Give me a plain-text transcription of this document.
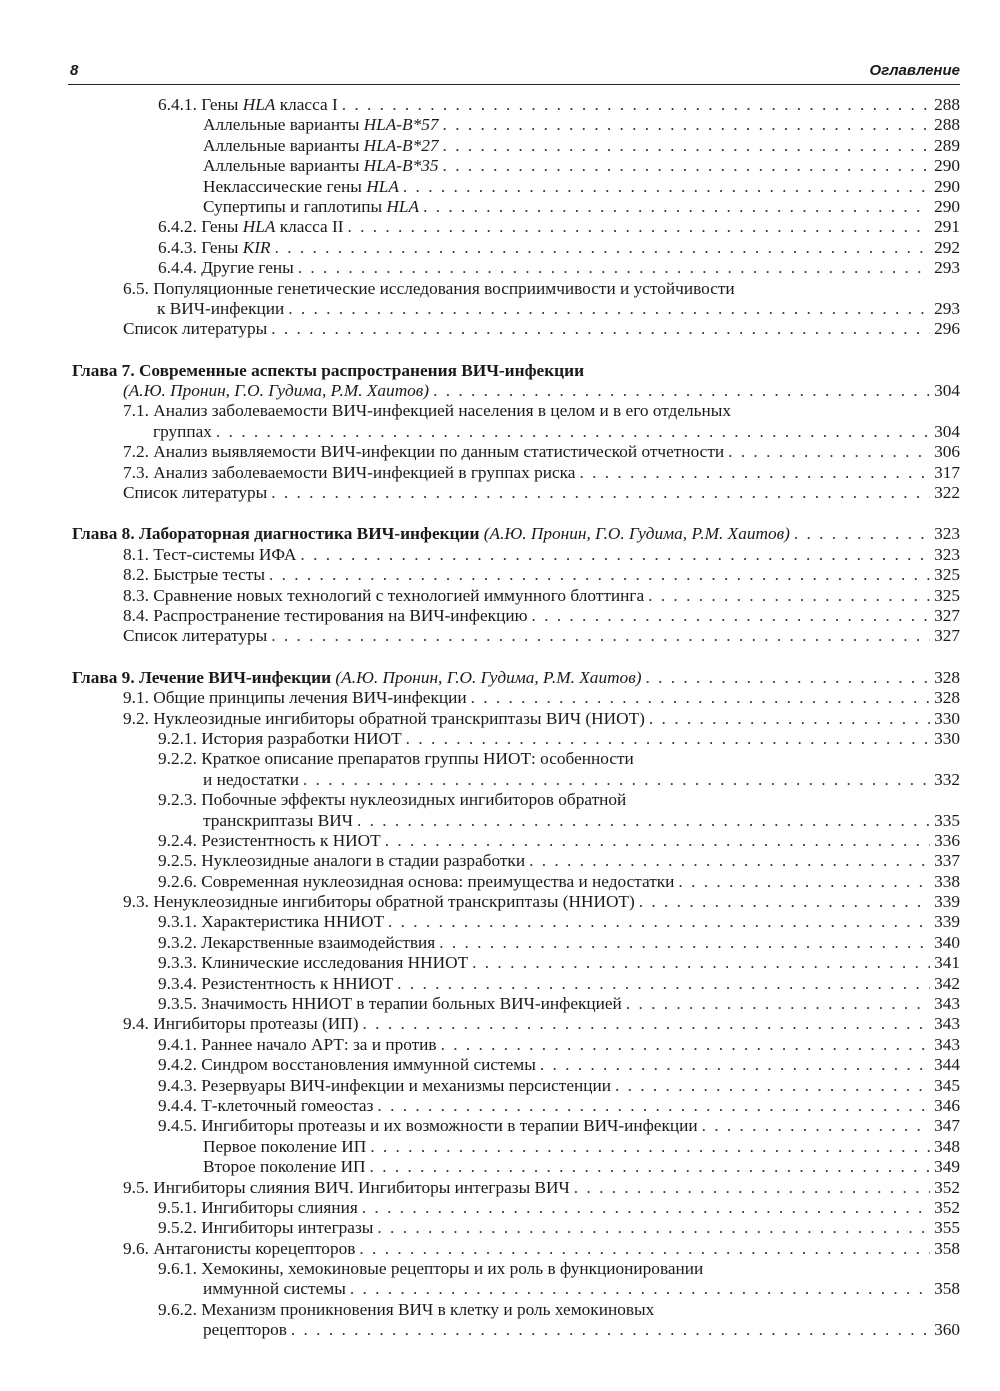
8	Оглавление
6.4.1. Гены HLA класса I . . .	288
Аллельные варианты HLA-B*57 . . .	288
Аллельные варианты HLA-B*27 . . .	289
Аллельные варианты HLA-B*35 . . .	290
Неклассические гены HLA . . .	290
Супертипы и гаплотипы HLA . . .	290
6.4.2. Гены HLA класса II . . .	291
6.4.3. Гены KIR . . .	292
6.4.4. Другие гены . . .	293
6.5. Популяционные генетические исследования восприимчивости и устойчивости
к ВИЧ-инфекции . . .	293
Список литературы . . .	296
Глава 7. Современные аспекты распространения ВИЧ-инфекции
(А.Ю. Пронин, Г.О. Гудима, Р.М. Хаитов) . . .	304
7.1. Анализ заболеваемости ВИЧ-инфекцией населения в целом и в его отдельных
группах . . .	304
7.2. Анализ выявляемости ВИЧ-инфекции по данным статистической отчетности . . .	306
7.3. Анализ заболеваемости ВИЧ-инфекцией в группах риска . . .	317
Список литературы . . .	322
Глава 8. Лабораторная диагностика ВИЧ-инфекции (А.Ю. Пронин, Г.О. Гудима, Р.М. Хаитов) . . .	323
8.1. Тест-системы ИФА . . .	323
8.2. Быстрые тесты . . .	325
8.3. Сравнение новых технологий с технологией иммунного блоттинга . . .	325
8.4. Распространение тестирования на ВИЧ-инфекцию . . .	327
Список литературы . . .	327
Глава 9. Лечение ВИЧ-инфекции (А.Ю. Пронин, Г.О. Гудима, Р.М. Хаитов) . . .	328
9.1. Общие принципы лечения ВИЧ-инфекции . . .	328
9.2. Нуклеозидные ингибиторы обратной транскриптазы ВИЧ (НИОТ) . . .	330
9.2.1. История разработки НИОТ . . .	330
9.2.2. Краткое описание препаратов группы НИОТ: особенности
и недостатки . . .	332
9.2.3. Побочные эффекты нуклеозидных ингибиторов обратной
транскриптазы ВИЧ . . .	335
9.2.4. Резистентность к НИОТ . . .	336
9.2.5. Нуклеозидные аналоги в стадии разработки . . .	337
9.2.6. Современная нуклеозидная основа: преимущества и недостатки . . .	338
9.3. Ненуклеозидные ингибиторы обратной транскриптазы (ННИОТ) . . .	339
9.3.1. Характеристика ННИОТ . . .	339
9.3.2. Лекарственные взаимодействия . . .	340
9.3.3. Клинические исследования ННИОТ . . .	341
9.3.4. Резистентность к ННИОТ . . .	342
9.3.5. Значимость ННИОТ в терапии больных ВИЧ-инфекцией . . .	343
9.4. Ингибиторы протеазы (ИП) . . .	343
9.4.1. Раннее начало АРТ: за и против . . .	343
9.4.2. Синдром восстановления иммунной системы . . .	344
9.4.3. Резервуары ВИЧ-инфекции и механизмы персистенции . . .	345
9.4.4. Т-клеточный гомеостаз . . .	346
9.4.5. Ингибиторы протеазы и их возможности в терапии ВИЧ-инфекции . . .	347
Первое поколение ИП . . .	348
Второе поколение ИП . . .	349
9.5. Ингибиторы слияния ВИЧ. Ингибиторы интегразы ВИЧ . . .	352
9.5.1. Ингибиторы слияния . . .	352
9.5.2. Ингибиторы интегразы . . .	355
9.6. Антагонисты корецепторов . . .	358
9.6.1. Хемокины, хемокиновые рецепторы и их роль в функционировании
иммунной системы . . .	358
9.6.2. Механизм проникновения ВИЧ в клетку и роль хемокиновых
рецепторов . . .	360
